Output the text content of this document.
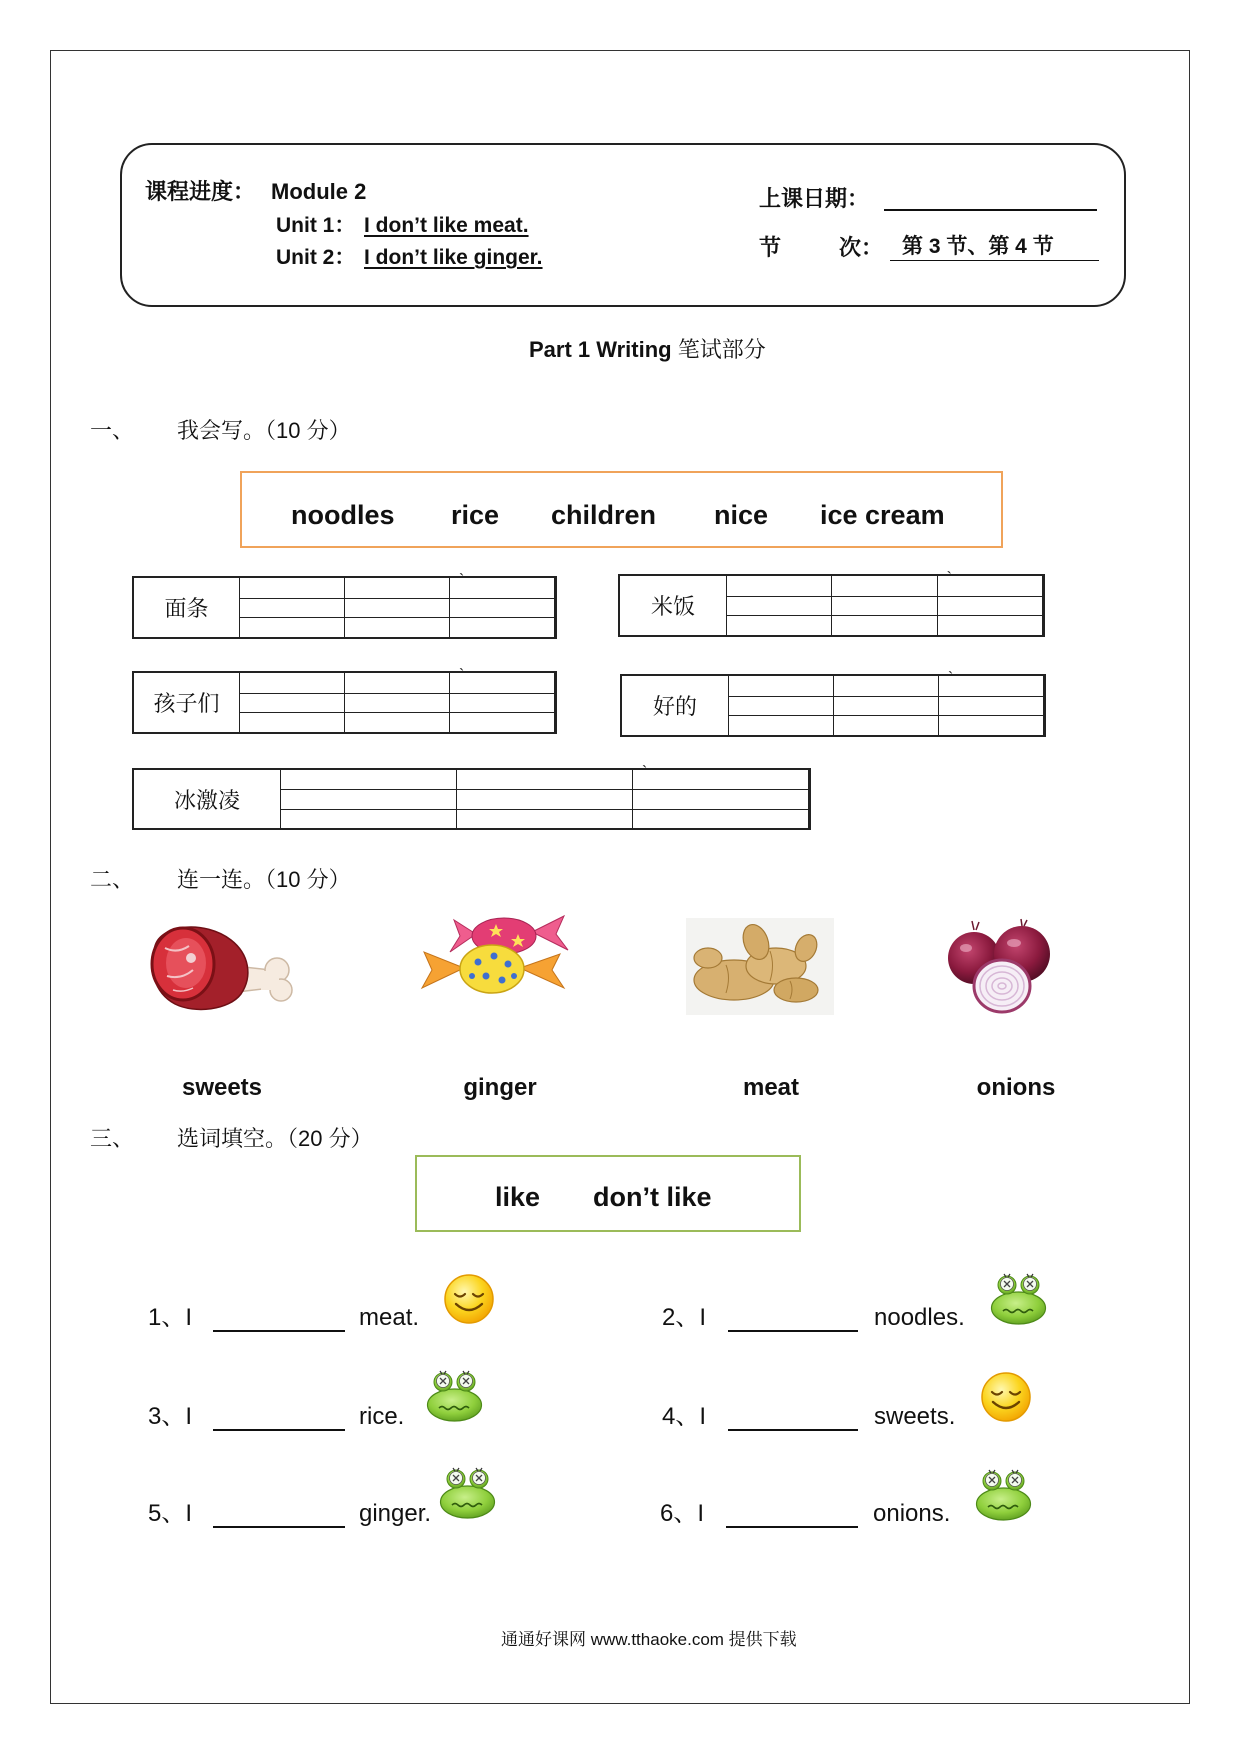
课程进度： Module 2
Unit 1： I don’t like meat.
Unit 2： I don’t like ginger.
上课日期：
节	次： 第 3 节、第 4 节
Part 1 Writing 笔试部分
一、 我会写。（10 分）
noodles rice children nice ice cream
面条
`
米饭
`
孩子们
`
好的
`
冰激凌
`
二、 连一连。（10 分）
sweets	ginger	meat	onions
三、 选词填空。（20 分）
like don’t like
1、I	meat.	2、I	noodles.
3、I	rice.	4、I	sweets.
5、I	ginger.	6、I	onions.
通通好课网 www.tthaoke.com 提供下载
